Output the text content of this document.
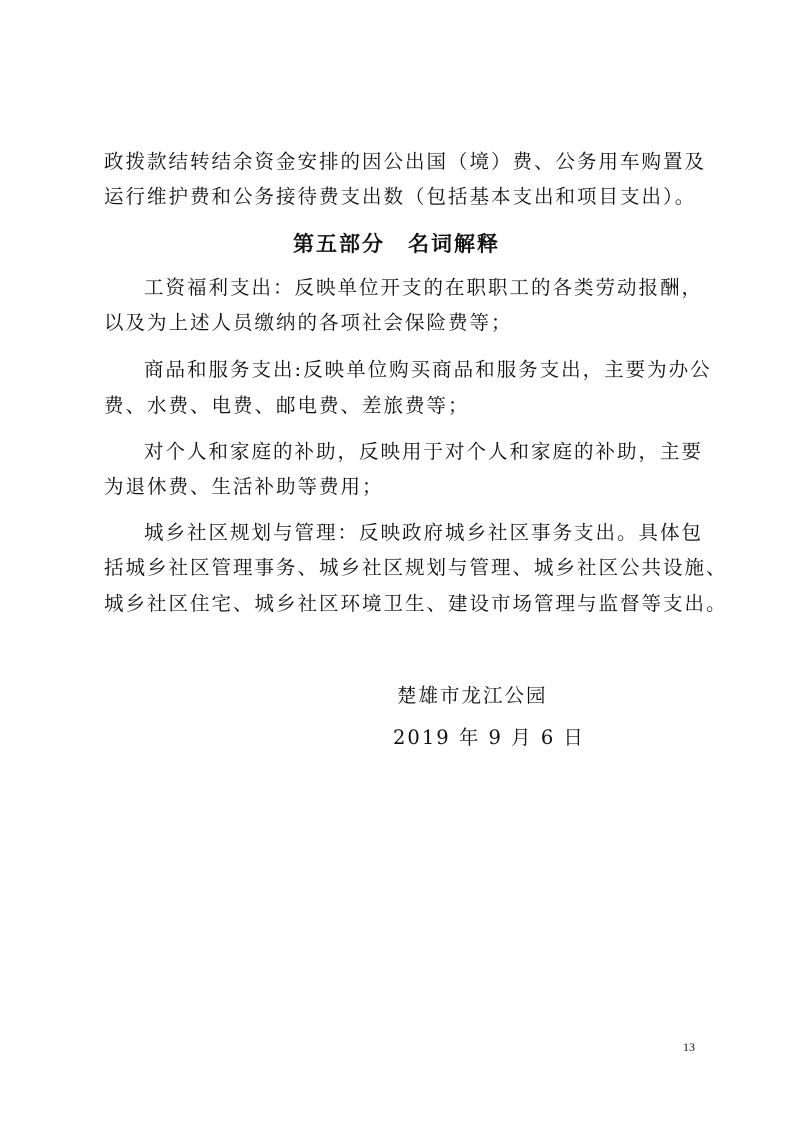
政拨款结转结余资金安排的因公出国（境）费、公务用车购置及
运行维护费和公务接待费支出数（包括基本支出和项目支出）。
第五部分　名词解释
工资福利支出：反映单位开支的在职职工的各类劳动报酬，
以及为上述人员缴纳的各项社会保险费等；
商品和服务支出:反映单位购买商品和服务支出，主要为办公
费、水费、电费、邮电费、差旅费等；
对个人和家庭的补助，反映用于对个人和家庭的补助，主要
为退休费、生活补助等费用；
城乡社区规划与管理：反映政府城乡社区事务支出。具体包
括城乡社区管理事务、城乡社区规划与管理、城乡社区公共设施、
城乡社区住宅、城乡社区环境卫生、建设市场管理与监督等支出。
楚雄市龙江公园
2019 年 9 月 6 日
13
